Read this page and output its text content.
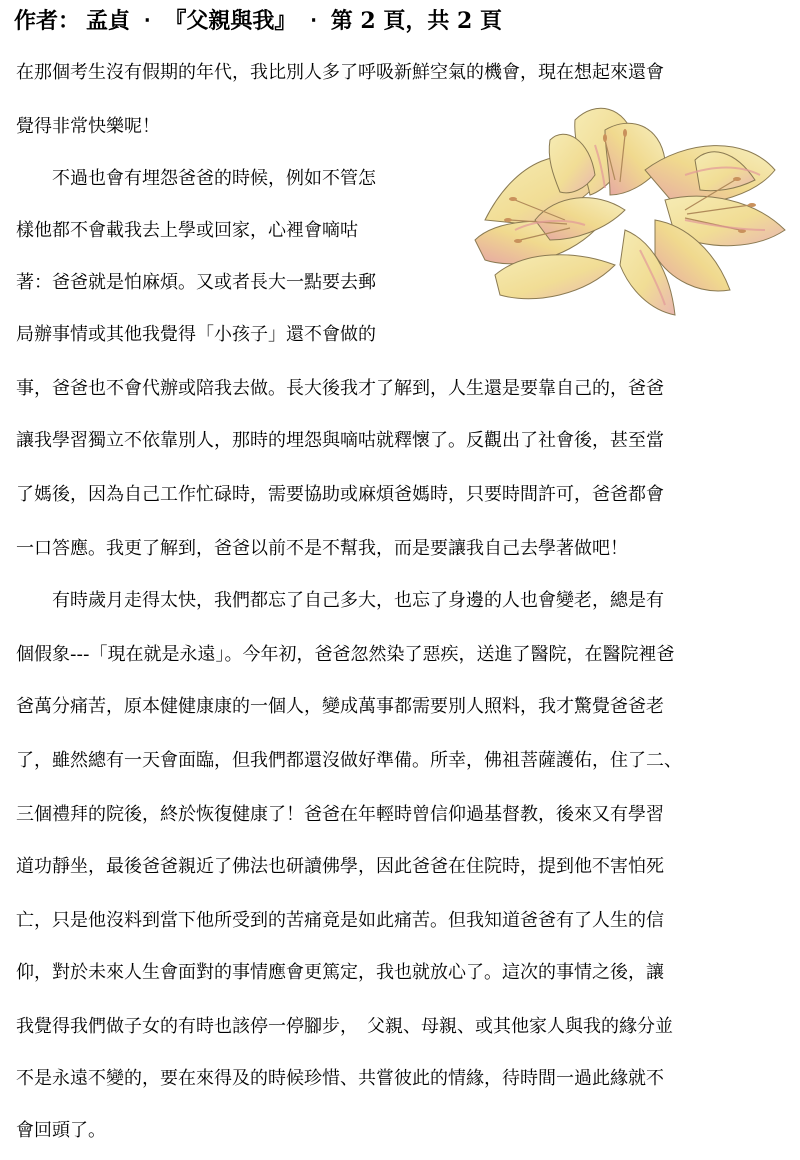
作者： 孟貞 ‧ 『父親與我』 ‧ 第 2 頁，共 2 頁
在那個考生沒有假期的年代，我比別人多了呼吸新鮮空氣的機會，現在想起來還會
覺得非常快樂呢！
　　不過也會有埋怨爸爸的時候，例如不管怎
樣他都不會載我去上學或回家，心裡會嘀咕
著：爸爸就是怕麻煩。又或者長大一點要去郵
局辦事情或其他我覺得「小孩子」還不會做的
事，爸爸也不會代辦或陪我去做。長大後我才了解到，人生還是要靠自己的，爸爸
讓我學習獨立不依靠別人，那時的埋怨與嘀咕就釋懷了。反觀出了社會後，甚至當
了媽後，因為自己工作忙碌時，需要協助或麻煩爸媽時，只要時間許可，爸爸都會
一口答應。我更了解到，爸爸以前不是不幫我，而是要讓我自己去學著做吧！
　　有時歲月走得太快，我們都忘了自己多大，也忘了身邊的人也會變老，總是有
個假象---「現在就是永遠」。今年初，爸爸忽然染了惡疾，送進了醫院，在醫院裡爸
爸萬分痛苦，原本健健康康的一個人，變成萬事都需要別人照料，我才驚覺爸爸老
了，雖然總有一天會面臨，但我們都還沒做好準備。所幸，佛祖菩薩護佑，住了二、
三個禮拜的院後，終於恢復健康了！爸爸在年輕時曾信仰過基督教，後來又有學習
道功靜坐，最後爸爸親近了佛法也研讀佛學，因此爸爸在住院時，提到他不害怕死
亡，只是他沒料到當下他所受到的苦痛竟是如此痛苦。但我知道爸爸有了人生的信
仰，對於未來人生會面對的事情應會更篤定，我也就放心了。這次的事情之後，讓
我覺得我們做子女的有時也該停一停腳步，　父親、母親、或其他家人與我的緣分並
不是永遠不變的，要在來得及的時候珍惜、共嘗彼此的情緣，待時間一過此緣就不
會回頭了。
